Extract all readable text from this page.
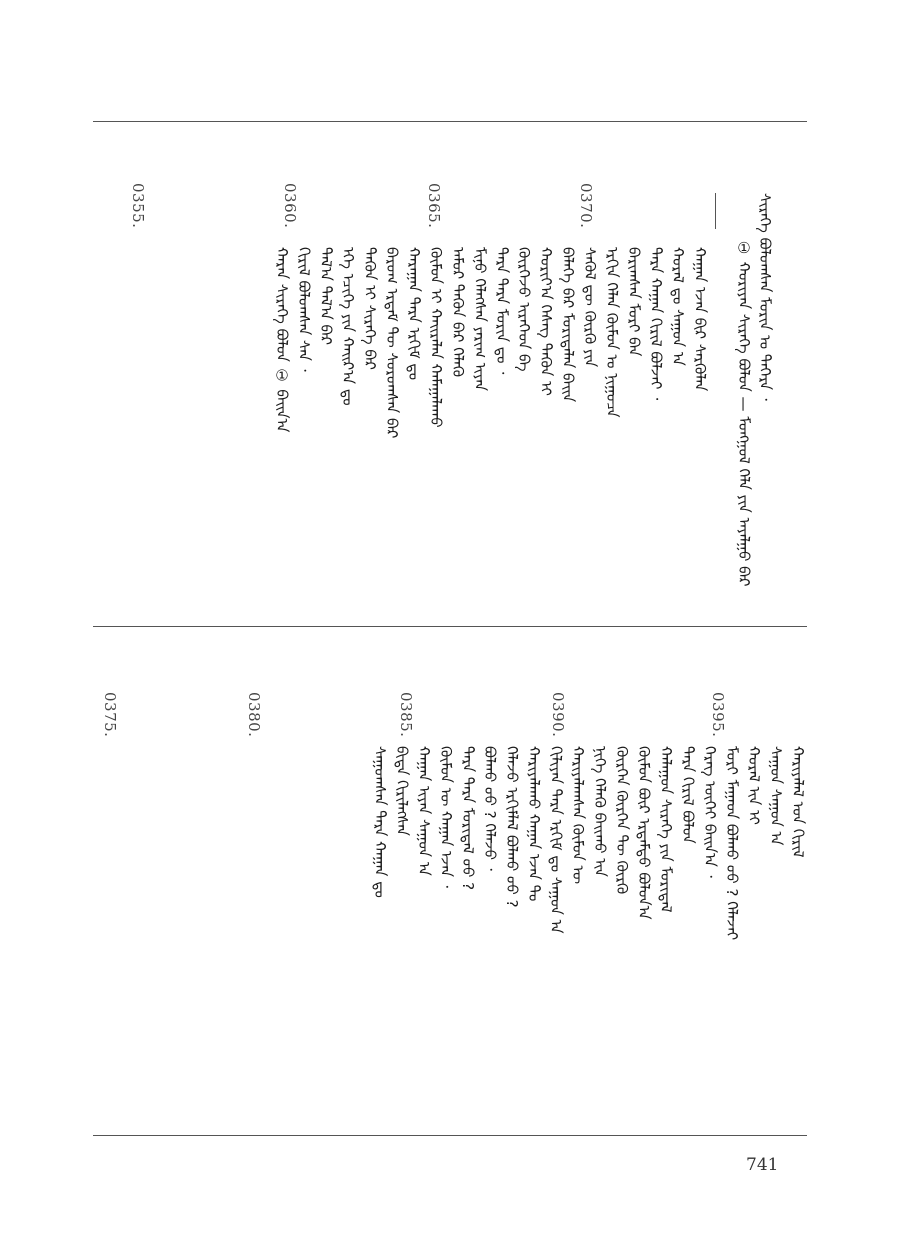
ᠰᠢᠷᠡᠭᠡ ᠪᠤᠯᠤᠭᠰᠠᠨ ᠮᠣᠷᠢᠨ ᠤ ᠳᠡᠭᠡᠷᠡ ᠂
① ᠬᠤᠷᠢᠶᠠᠨ ᠰᠢᠷᠡᠭᠡ ᠪᠤᠯᠤᠨ — ᠮᠣᠩᠭᠣᠯ ᠬᠡᠯᠡ ᠶᠢᠨ ᠠᠶᠠᠯᠭᠤ ᠪᠠᠷ
ᠬᠠᠭᠠᠨ ᠡᠵᠡᠨ ᠪᠢᠷ ᠰᠡᠷᠭᠦᠯᠡᠨ
ᠬᠤᠷᠠᠯ ᠳᠤ ᠰᠠᠭᠤᠨ ᠠ
ᠲᠡᠷᠡ ᠬᠠᠭᠠᠨ ᠬᠢᠷᠢᠯ ᠪᠣᠯᠵᠠᠢ ᠂
ᠪᠠᠷᠢᠭᠰᠠᠨ ᠮᠣᠷᠢ ᠪᠡᠨ
ᠡᠷᠭᠢᠨ ᠬᠡᠯᠡᠨ ᠬᠦᠮᠦᠨ ᠤ ᠨᠢᠭᠤᠴᠠ
ᠰᠡᠭᠦᠯ ᠳᠦ ᠬᠦᠷᠬᠦ ᠶᠢᠨ
ᠪᠡᠯᠡᠭᠡ ᠪᠠᠷ ᠮᠣᠷᠢᠳᠠᠯᠠᠨ ᠪᠠᠢᠨ
ᠬᠤᠷᠢᠶ᠎ᠠ ᠬᠡᠰᠡᠭ ᠲᠡᠭᠦᠨ ᠢ
ᠬᠦᠷᠭᠡᠵᠦ ᠢᠷᠡᠭᠡᠳ ᠪᠠ
ᠲᠡᠷᠡ ᠲᠡᠷᠡ ᠮᠣᠷᠢᠨ ᠳᠤ ᠂
ᠮᠢᠨᠦ ᠬᠡᠯᠡᠭᠰᠡᠨ ᠶᠠᠷᠢᠭ ᠢᠶᠡᠨ
ᠠᠮᠤᠷ ᠲᠡᠭᠦᠨ ᠪᠡᠷ ᠬᠡᠯᠡᠬᠦ
ᠬᠦᠮᠦᠨ ᠢ ᠬᠠᠢᠷᠠᠯᠠᠨ ᠬᠠᠮᠠᠭᠠᠯᠠᠬᠤ
ᠬᠠᠷᠠᠭᠠᠨ ᠲᠡᠷᠡ ᠡᠷᠬᠢᠮ ᠳᠤ
ᠪᠠᠷᠤᠭ ᠡᠷᠳᠡᠮ ᠲᠦ ᠰᠤᠷᠤᠭᠰᠠᠨ ᠪᠡᠷ
ᠲᠡᠭᠦᠨ ᠢ ᠰᠢᠷᠡᠭᠡ ᠪᠠᠷ
ᠡᠬᠡ ᠡᠴᠢᠭᠡ ᠶᠢᠨ ᠬᠠᠢᠷ᠎ᠠ ᠳᠤ
ᠲᠠᠯ᠎ᠠ ᠳᠠᠯ᠎ᠠ ᠪᠠᠷ
ᠬᠢᠷᠢᠯ ᠪᠣᠯᠤᠭᠰᠠᠨ ᠰᠠᠨ ᠂
ᠬᠠᠷᠠᠨ ᠰᠢᠷᠡᠭᠡ ᠪᠤᠯᠤᠨ ① ᠪᠠᠢᠨ᠎ᠠ
0370.
0365.
0360.
0355.
ᠬᠠᠷᠢᠶᠠᠯᠠᠯ ᠤᠨ ᠬᠢᠷᠢᠯ
ᠰᠠᠭᠤᠨ ᠰᠠᠭᠤᠨ ᠠ
ᠬᠤᠷᠠᠯ ᠢᠨ ᠢ
ᠮᠤᠷᠢ ᠮᠠᠭᠠᠳ ᠪᠣᠯᠬᠤ ᠤᠤ ? ᠬᠡᠯᠡᠵᠡᠢ
ᠬᠡᠷᠡᠭ ᠦᠭᠡᠢ ᠪᠠᠢᠨ᠎ᠠ ᠂
ᠲᠡᠷᠡ ᠬᠢᠷᠢᠯ ᠪᠣᠯᠤᠨ
ᠬᠠᠯᠠᠭᠤᠨ ᠰᠢᠷᠡᠭᠡ ᠶᠢᠨ ᠮᠣᠷᠢᠳᠠᠯ
ᠬᠦᠮᠦᠨ ᠪᠦᠷ ᠡᠷᠳᠡᠮᠲᠦ ᠪᠣᠯᠤᠨ᠎ᠠ
ᠬᠦᠷᠭᠡᠨ ᠬᠦᠷᠭᠡᠨ ᠲᠦ ᠬᠦᠷᠬᠦ
ᠨᠢᠭᠡ ᠬᠡᠯᠡᠬᠦ ᠪᠠᠢᠬᠤ ᠢᠨ
ᠬᠠᠷᠢᠶᠠᠯᠠᠭᠰᠠᠨ ᠬᠦᠮᠦᠨ ᠦ
ᠬᠢᠯᠢᠶᠡᠨ ᠲᠡᠷᠡ ᠡᠷᠬᠢᠮ ᠳᠤ ᠰᠠᠭᠤᠨ ᠠ
ᠬᠠᠷᠢᠶᠠᠯᠠᠬᠤ ᠬᠠᠭᠠᠨ ᠡᠵᠡᠨ ᠲᠤ
ᠬᠡᠯᠡᠵᠦ ᠡᠷᠬᠢᠮᠯᠡᠯ ᠪᠣᠯᠬᠤ ᠤᠤ ?
ᠪᠣᠯᠬᠤ ᠤᠤ ? ᠬᠡᠯᠡᠵᠦ ᠂
ᠲᠡᠷᠡ ᠲᠡᠷᠡ ᠮᠣᠷᠢᠳᠠᠯ ᠤᠤ ?
ᠬᠦᠮᠦᠨ ᠦ ᠬᠠᠭᠠᠨ ᠡᠵᠡᠨ ᠂
ᠬᠠᠭᠠᠨ ᠢᠶᠡᠨ ᠰᠠᠭᠤᠨ ᠠ
ᠪᠢᠳᠡ ᠬᠢᠷᠢᠯᠡᠭᠰᠡᠨ
ᠰᠠᠭᠤᠭᠰᠠᠨ ᠲᠡᠷᠡ ᠬᠠᠭᠠᠨ ᠳᠤ
0395.
0390.
0385.
0380.
0375.
741
